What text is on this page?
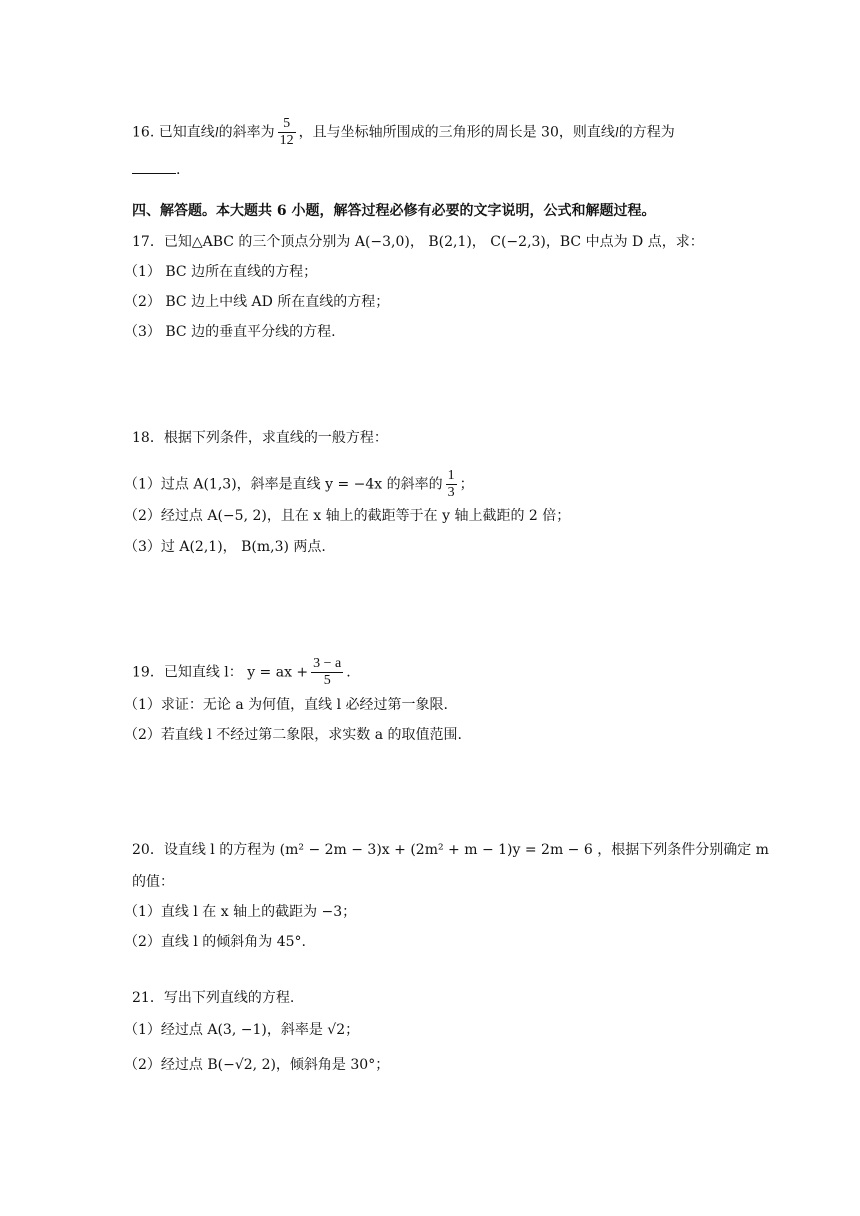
16. 已知直线l的斜率为 $\frac{5}{12}$ ，且与坐标轴所围成的三角形的周长是 30，则直线l的方程为
.
四、解答题。本大题共 6 小题，解答过程必修有必要的文字说明，公式和解题过程。
17．已知△ABC 的三个顶点分别为 A(−3,0)， B(2,1)， C(−2,3)，BC 中点为 D 点，求：
（1） BC 边所在直线的方程；
（2） BC 边上中线 AD 所在直线的方程；
（3） BC 边的垂直平分线的方程.
18．根据下列条件，求直线的一般方程：
（1）过点 A(1,3)，斜率是直线 y = −4x 的斜率的 $\frac{1}{3}$ ；
（2）经过点 A(−5, 2)，且在 x 轴上的截距等于在 y 轴上截距的 2 倍；
（3）过 A(2,1)， B(m,3) 两点.
19．已知直线 l： y = ax + $\frac{3 - a}{5}$ .
（1）求证：无论 a 为何值，直线 l 必经过第一象限.
（2）若直线 l 不经过第二象限，求实数 a 的取值范围.
20．设直线 l 的方程为 (m² − 2m − 3)x + (2m² + m − 1)y = 2m − 6 ，根据下列条件分别确定 m
的值：
（1）直线 l 在 x 轴上的截距为 −3；
（2）直线 l 的倾斜角为 45°.
21．写出下列直线的方程.
（1）经过点 A(3, −1)，斜率是 √2；
（2）经过点 B(−√2, 2)，倾斜角是 30°；
